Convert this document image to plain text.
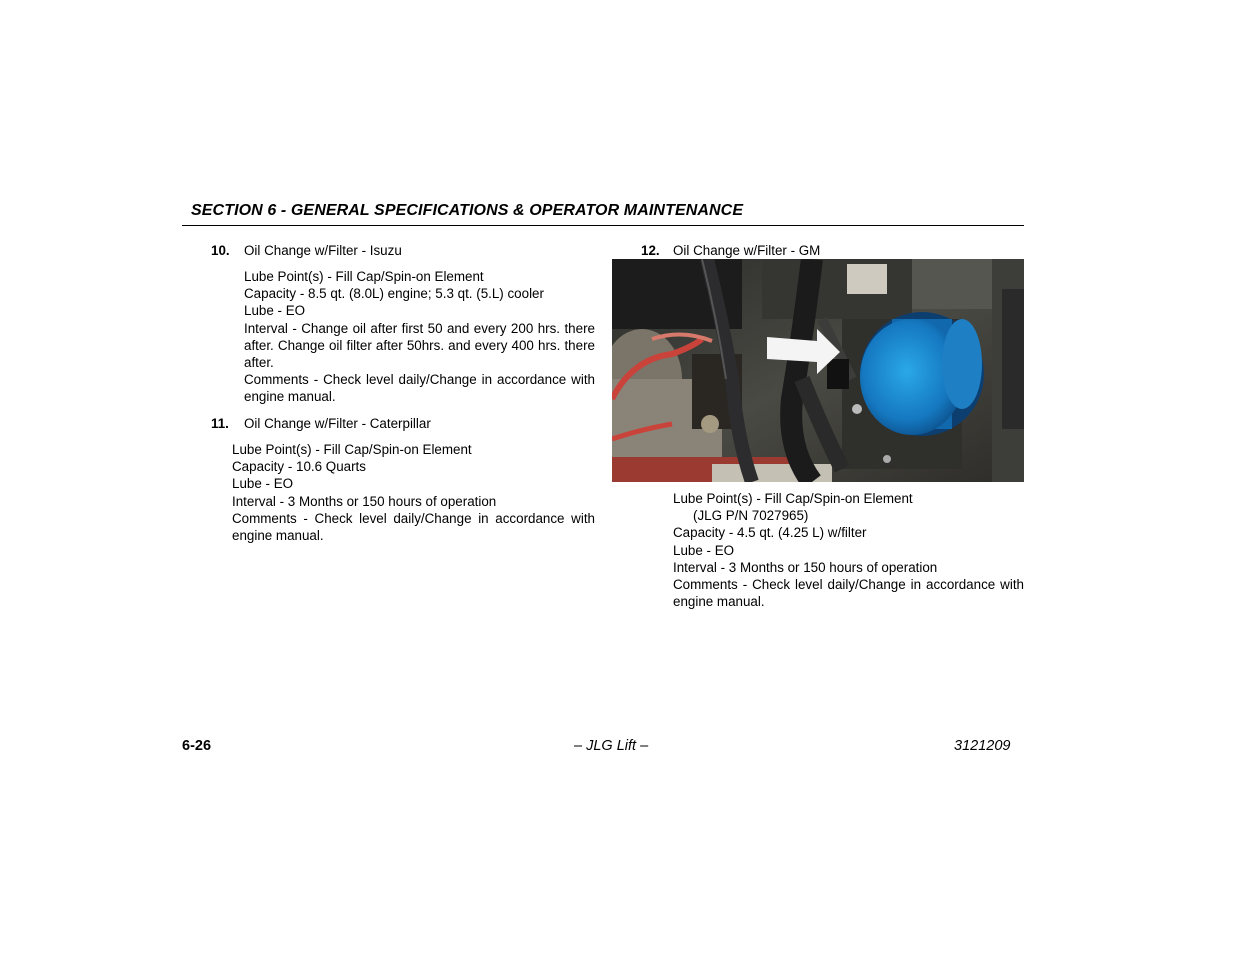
SECTION 6 - GENERAL SPECIFICATIONS & OPERATOR MAINTENANCE
10. Oil Change w/Filter - Isuzu
Lube Point(s) - Fill Cap/Spin-on Element
Capacity - 8.5 qt. (8.0L) engine; 5.3 qt. (5.L) cooler
Lube - EO
Interval - Change oil after first 50 and every 200 hrs. there after. Change oil filter after 50hrs. and every 400 hrs. there after.
Comments - Check level daily/Change in accordance with engine manual.
11. Oil Change w/Filter - Caterpillar
Lube Point(s) - Fill Cap/Spin-on Element
Capacity - 10.6 Quarts
Lube - EO
Interval - 3 Months or 150 hours of operation
Comments - Check level daily/Change in accordance with engine manual.
12. Oil Change w/Filter - GM
Lube Point(s) - Fill Cap/Spin-on Element
(JLG P/N 7027965)
Capacity - 4.5 qt. (4.25 L) w/filter
Lube - EO
Interval - 3 Months or 150 hours of operation
Comments - Check level daily/Change in accordance with engine manual.
6-26	– JLG Lift –	3121209
